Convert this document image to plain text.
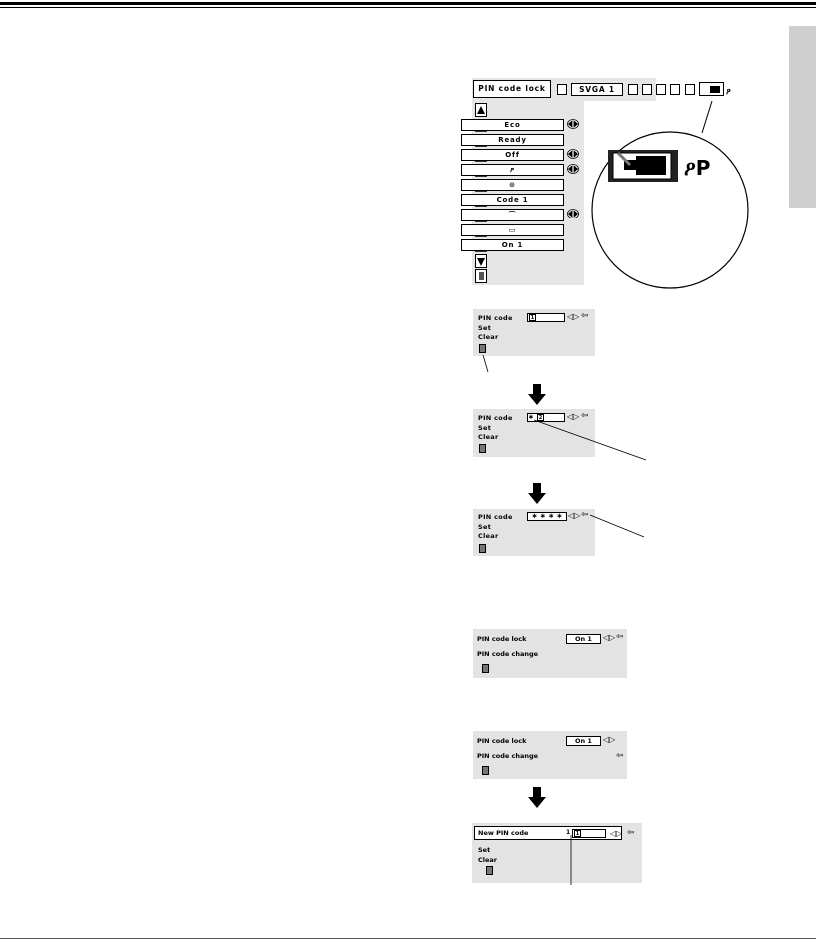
PIN code lock	SVGA 1	ዖ
Eco
Ready
Off
ዖ
⊙
Code 1
⌒
▭
On 1
ዖP
PIN code
Set
Clear
1	◁▷ ⇦
PIN code
Set
Clear
∗ 2	◁▷ ⇦
PIN code
Set
Clear
∗ ∗ ∗ ∗ ◁▷ ⇦
PIN code lock
PIN code change
On 1	◁▷ ⇦
PIN code lock
PIN code change
On 1	◁▷
⇦
New PIN code
Set
Clear
1	1	◁▷ ⇦
